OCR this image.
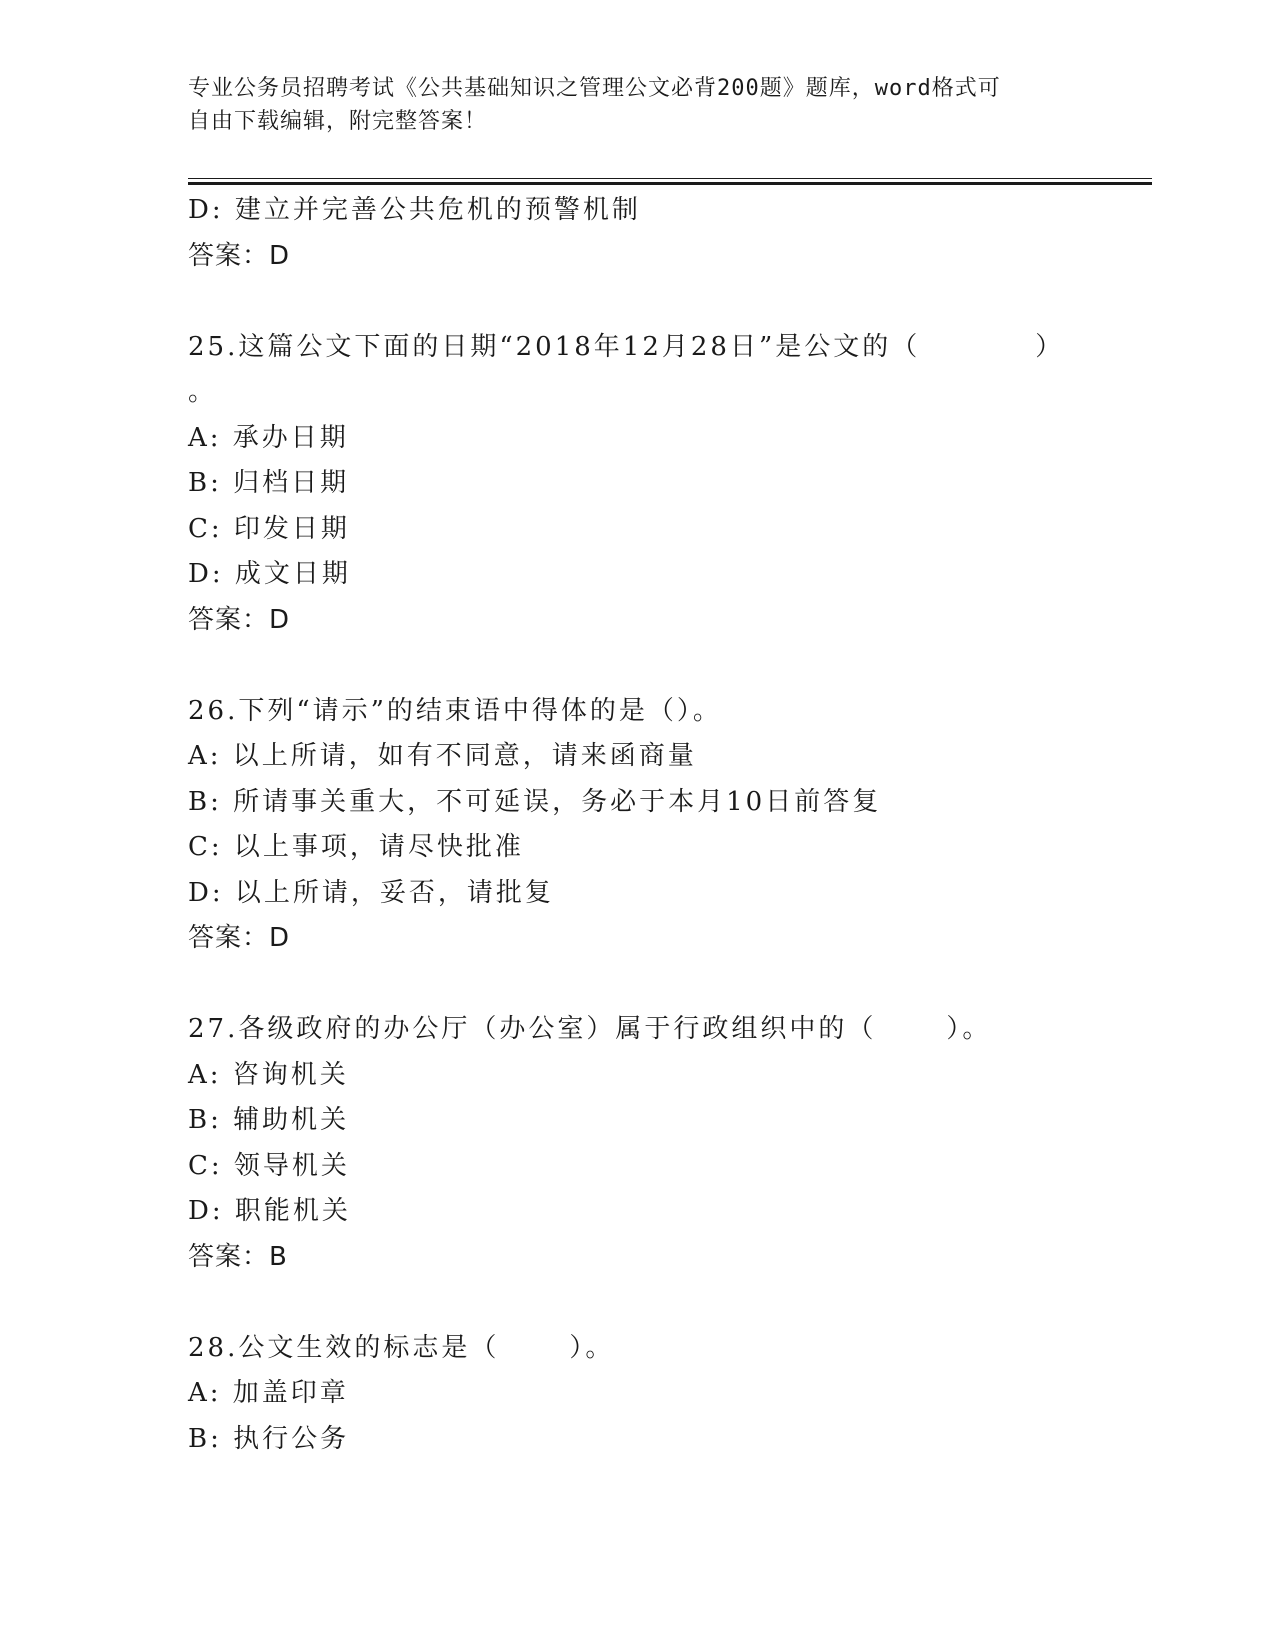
专业公务员招聘考试《公共基础知识之管理公文必背200题》题库，word格式可
自由下载编辑，附完整答案！
D: 建立并完善公共危机的预警机制
答案：D
25.这篇公文下面的日期“2018年12月28日”是公文的（	）
。
A: 承办日期
B: 归档日期
C: 印发日期
D: 成文日期
答案：D
26.下列“请示”的结束语中得体的是（）。
A: 以上所请，如有不同意，请来函商量
B: 所请事关重大，不可延误，务必于本月10日前答复
C: 以上事项，请尽快批准
D: 以上所请，妥否，请批复
答案：D
27.各级政府的办公厅（办公室）属于行政组织中的（	）。
A: 咨询机关
B: 辅助机关
C: 领导机关
D: 职能机关
答案：B
28.公文生效的标志是（	）。
A: 加盖印章
B: 执行公务
